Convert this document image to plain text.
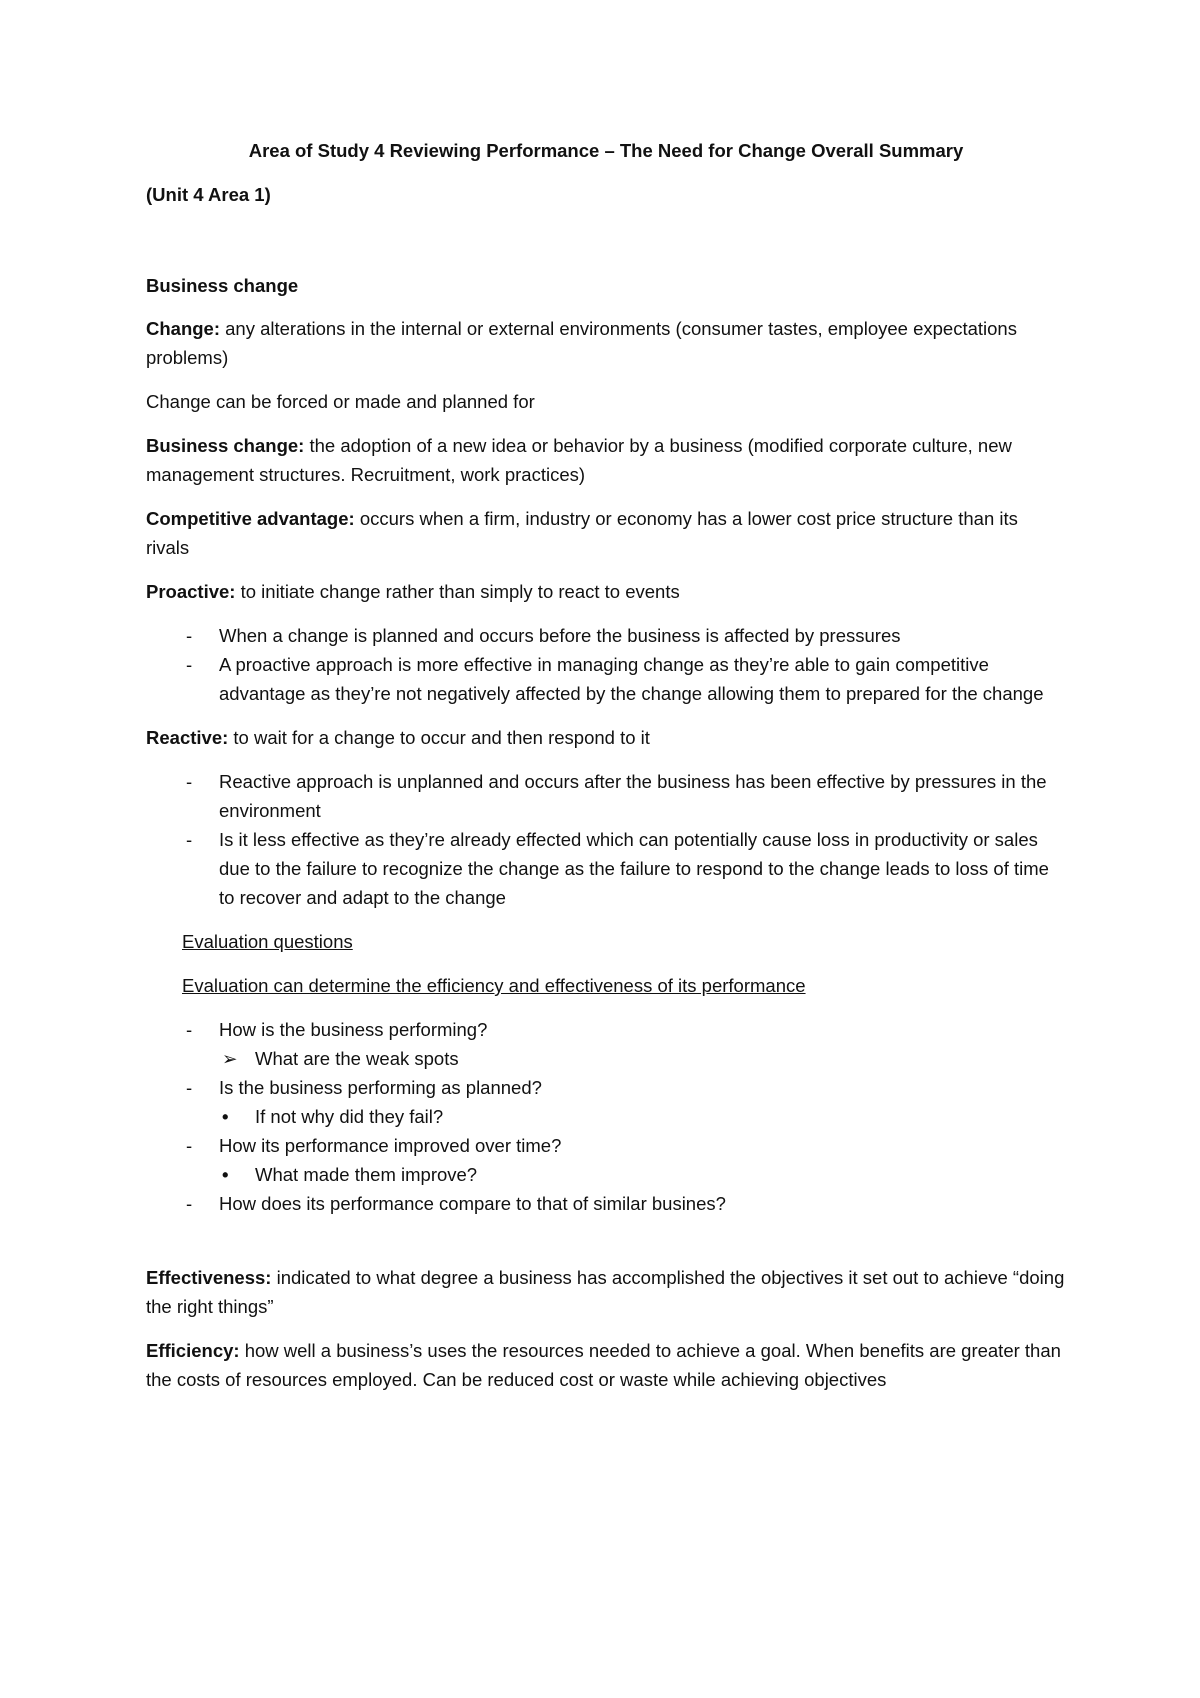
Area of Study 4 Reviewing Performance – The Need for Change Overall Summary
(Unit 4 Area 1)
Business change

Change: any alterations in the internal or external environments (consumer tastes, employee expectations problems)

Change can be forced or made and planned for

Business change: the adoption of a new idea or behavior by a business (modified corporate culture, new management structures. Recruitment, work practices)

Competitive advantage: occurs when a firm, industry or economy has a lower cost price structure than its rivals

Proactive: to initiate change rather than simply to react to events

- When a change is planned and occurs before the business is affected by pressures
- A proactive approach is more effective in managing change as they’re able to gain competitive advantage as they’re not negatively affected by the change allowing them to prepared for the change

Reactive: to wait for a change to occur and then respond to it

- Reactive approach is unplanned and occurs after the business has been effective by pressures in the environment
- Is it less effective as they’re already effected which can potentially cause loss in productivity or sales due to the failure to recognize the change as the failure to respond to the change leads to loss of time to recover and adapt to the change
Evaluation questions
Evaluation can determine the efficiency and effectiveness of its performance
- How is the business performing?
➢ What are the weak spots
- Is the business performing as planned?
• If not why did they fail?
- How its performance improved over time?
• What made them improve?
- How does its performance compare to that of similar busines?

Effectiveness: indicated to what degree a business has accomplished the objectives it set out to achieve “doing the right things”

Efficiency: how well a business’s uses the resources needed to achieve a goal. When benefits are greater than the costs of resources employed. Can be reduced cost or waste while achieving objectives
